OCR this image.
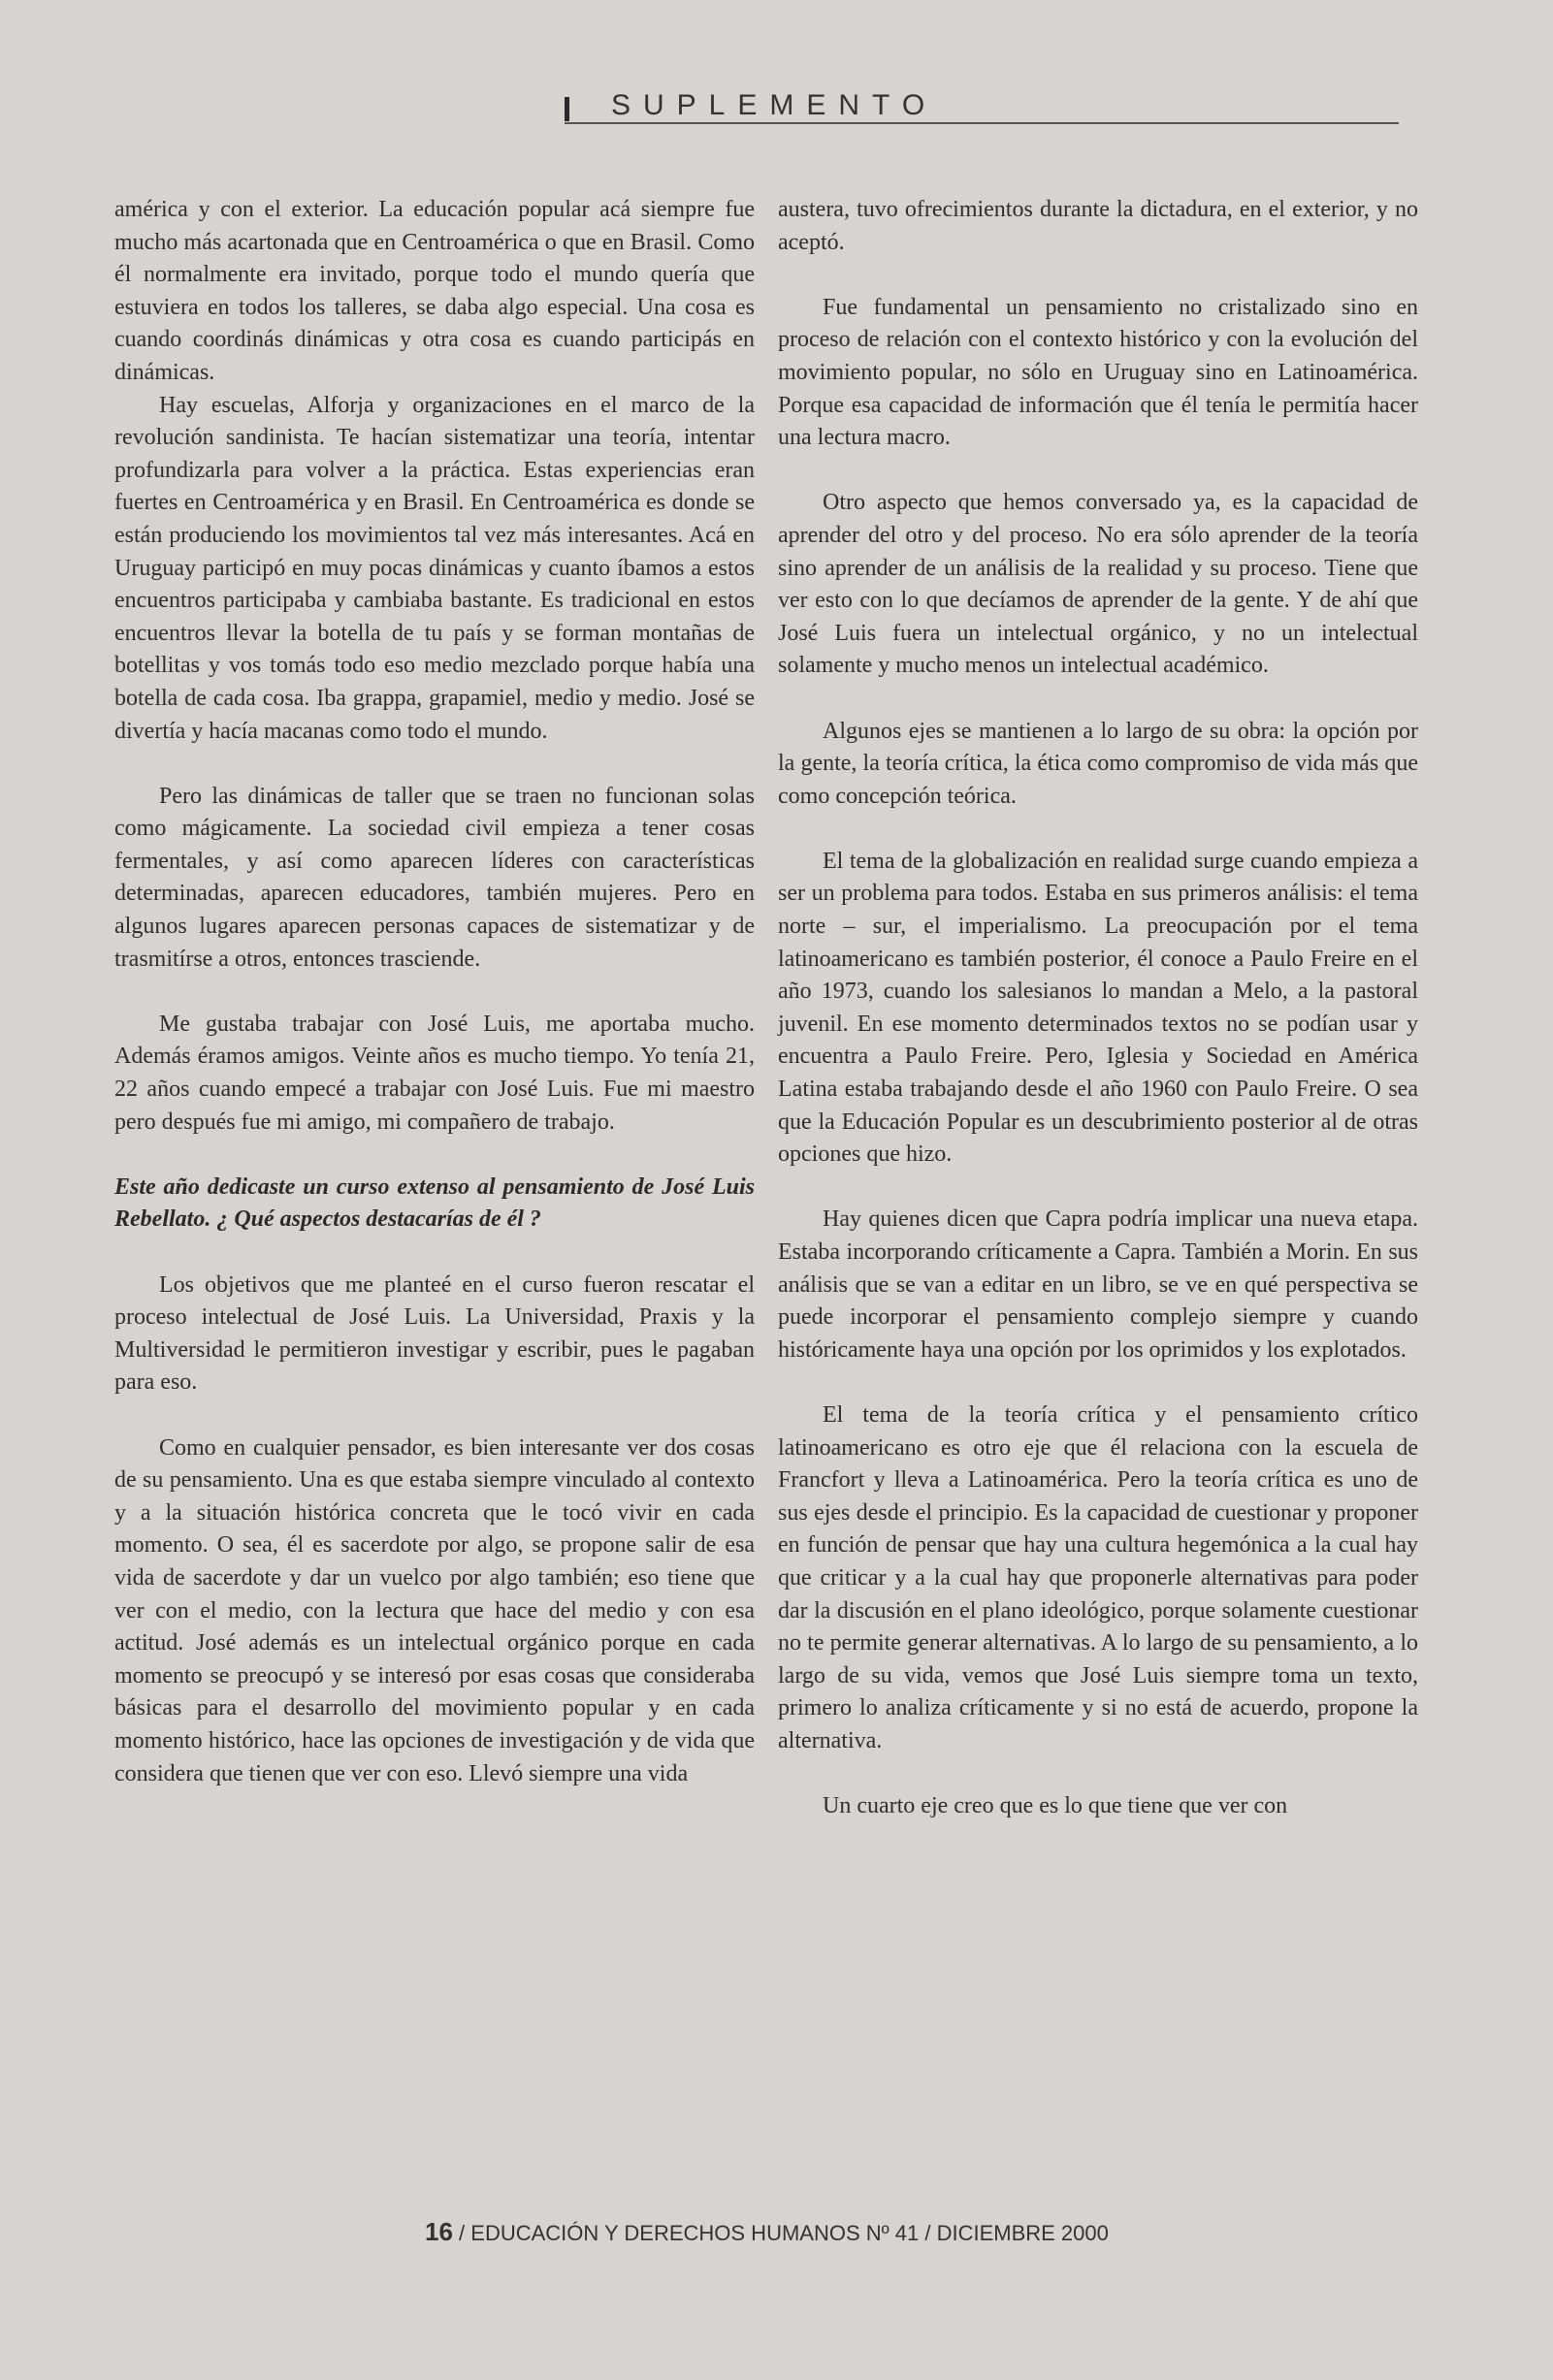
SUPLEMENTO

américa y con el exterior. La educación popular acá siempre fue mucho más acartonada que en Centroamérica o que en Brasil. Como él normalmente era invitado, porque todo el mundo quería que estuviera en todos los talleres, se daba algo especial. Una cosa es cuando coordinás dinámicas y otra cosa es cuando participás en dinámicas.

Hay escuelas, Alforja y organizaciones en el marco de la revolución sandinista. Te hacían sistematizar una teoría, intentar profundizarla para volver a la práctica. Estas experiencias eran fuertes en Centroamérica y en Brasil. En Centroamérica es donde se están produciendo los movimientos tal vez más interesantes. Acá en Uruguay participó en muy pocas dinámicas y cuanto íbamos a estos encuentros participaba y cambiaba bastante. Es tradicional en estos encuentros llevar la botella de tu país y se forman montañas de botellitas y vos tomás todo eso medio mezclado porque había una botella de cada cosa. Iba grappa, grapamiel, medio y medio. José se divertía y hacía macanas como todo el mundo.

Pero las dinámicas de taller que se traen no funcionan solas como mágicamente. La sociedad civil empieza a tener cosas fermentales, y así como aparecen líderes con características determinadas, aparecen educadores, también mujeres. Pero en algunos lugares aparecen personas capaces de sistematizar y de trasmitírse a otros, entonces trasciende.

Me gustaba trabajar con José Luis, me aportaba mucho. Además éramos amigos. Veinte años es mucho tiempo. Yo tenía 21, 22 años cuando empecé a trabajar con José Luis. Fue mi maestro pero después fue mi amigo, mi compañero de trabajo.

Este año dedicaste un curso extenso al pensamiento de José Luis Rebellato. ¿ Qué aspectos destacarías de él ?

Los objetivos que me planteé en el curso fueron rescatar el proceso intelectual de José Luis. La Universidad, Praxis y la Multiversidad le permitieron investigar y escribir, pues le pagaban para eso.

Como en cualquier pensador, es bien interesante ver dos cosas de su pensamiento. Una es que estaba siempre vinculado al contexto y a la situación histórica concreta que le tocó vivir en cada momento. O sea, él es sacerdote por algo, se propone salir de esa vida de sacerdote y dar un vuelco por algo también; eso tiene que ver con el medio, con la lectura que hace del medio y con esa actitud. José además es un intelectual orgánico porque en cada momento se preocupó y se interesó por esas cosas que consideraba básicas para el desarrollo del movimiento popular y en cada momento histórico, hace las opciones de investigación y de vida que considera que tienen que ver con eso. Llevó siempre una vida

austera, tuvo ofrecimientos durante la dictadura, en el exterior, y no aceptó.

Fue fundamental un pensamiento no cristalizado sino en proceso de relación con el contexto histórico y con la evolución del movimiento popular, no sólo en Uruguay sino en Latinoamérica. Porque esa capacidad de información que él tenía le permitía hacer una lectura macro.

Otro aspecto que hemos conversado ya, es la capacidad de aprender del otro y del proceso. No era sólo aprender de la teoría sino aprender de un análisis de la realidad y su proceso. Tiene que ver esto con lo que decíamos de aprender de la gente. Y de ahí que José Luis fuera un intelectual orgánico, y no un intelectual solamente y mucho menos un intelectual académico.

Algunos ejes se mantienen a lo largo de su obra: la opción por la gente, la teoría crítica, la ética como compromiso de vida más que como concepción teórica.

El tema de la globalización en realidad surge cuando empieza a ser un problema para todos. Estaba en sus primeros análisis: el tema norte – sur, el imperialismo. La preocupación por el tema latinoamericano es también posterior, él conoce a Paulo Freire en el año 1973, cuando los salesianos lo mandan a Melo, a la pastoral juvenil. En ese momento determinados textos no se podían usar y encuentra a Paulo Freire. Pero, Iglesia y Sociedad en América Latina estaba trabajando desde el año 1960 con Paulo Freire. O sea que la Educación Popular es un descubrimiento posterior al de otras opciones que hizo.

Hay quienes dicen que Capra podría implicar una nueva etapa. Estaba incorporando críticamente a Capra. También a Morin. En sus análisis que se van a editar en un libro, se ve en qué perspectiva se puede incorporar el pensamiento complejo siempre y cuando históricamente haya una opción por los oprimidos y los explotados.

El tema de la teoría crítica y el pensamiento crítico latinoamericano es otro eje que él relaciona con la escuela de Francfort y lleva a Latinoamérica. Pero la teoría crítica es uno de sus ejes desde el principio. Es la capacidad de cuestionar y proponer en función de pensar que hay una cultura hegemónica a la cual hay que criticar y a la cual hay que proponerle alternativas para poder dar la discusión en el plano ideológico, porque solamente cuestionar no te permite generar alternativas. A lo largo de su pensamiento, a lo largo de su vida, vemos que José Luis siempre toma un texto, primero lo analiza críticamente y si no está de acuerdo, propone la alternativa.

Un cuarto eje creo que es lo que tiene que ver con

16 / EDUCACIÓN Y DERECHOS HUMANOS Nº 41 / DICIEMBRE 2000
